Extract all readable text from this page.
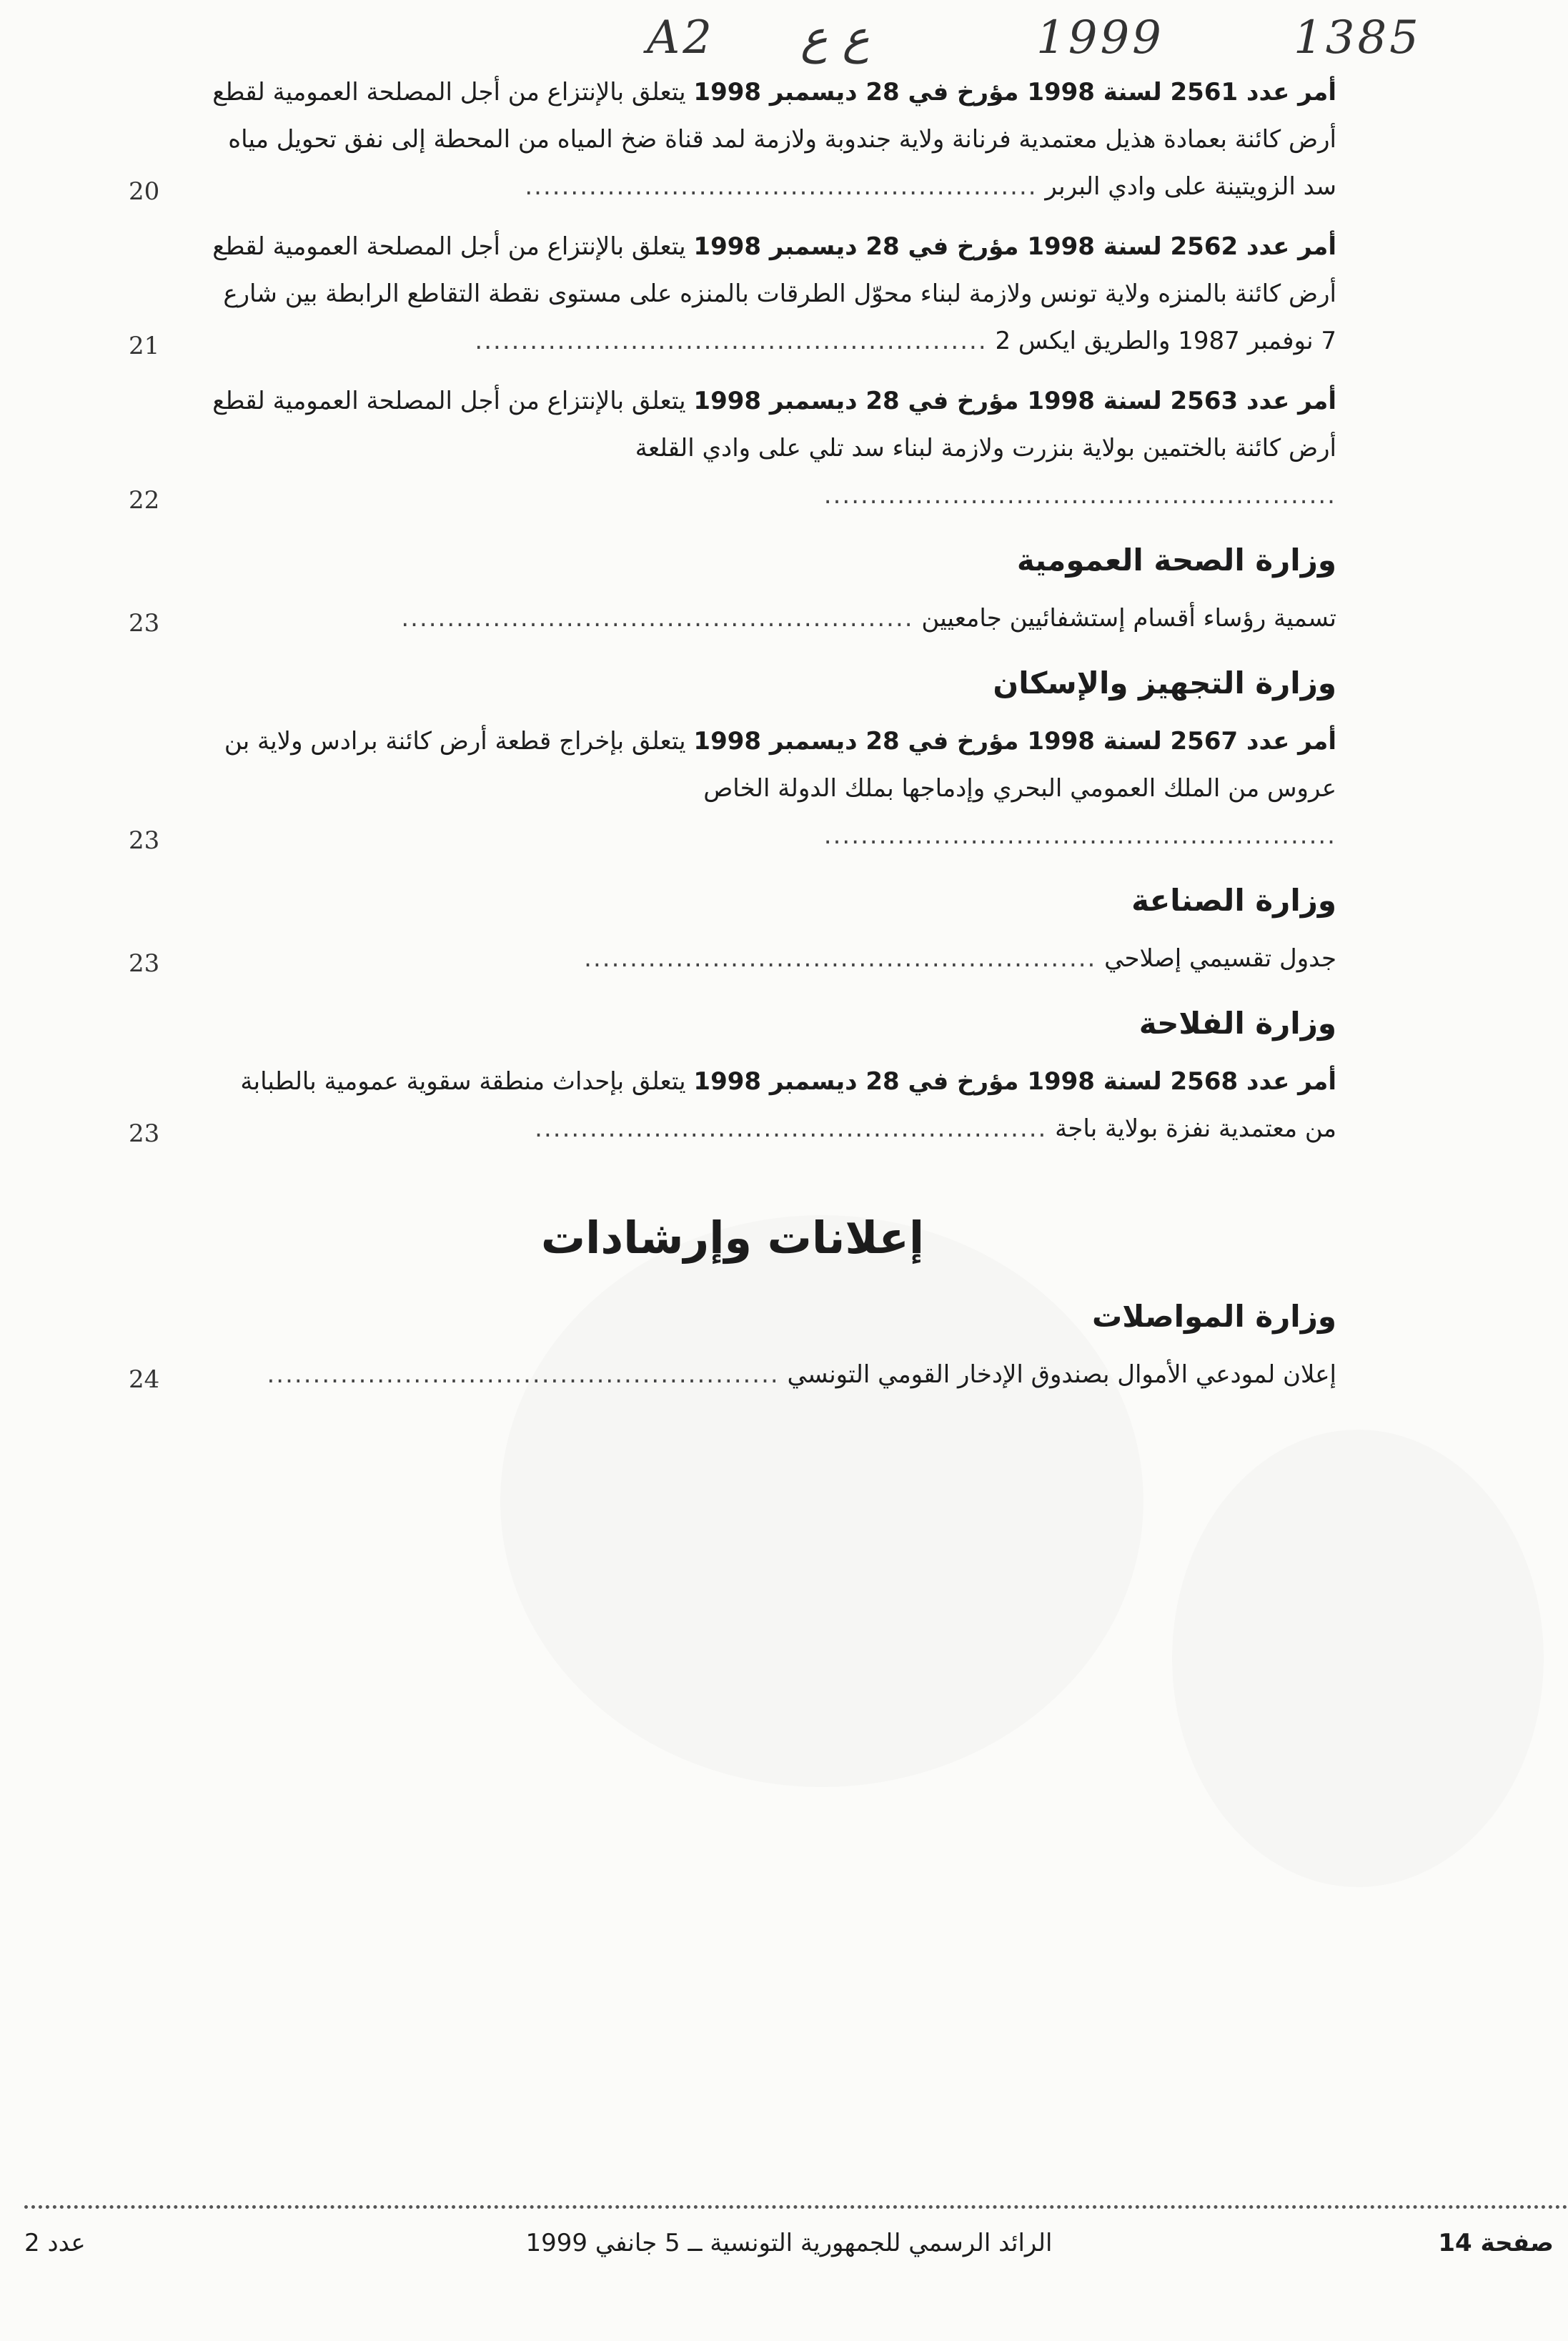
A2 ع ع	1999	1385
أمر عدد 2561 لسنة 1998 مؤرخ في 28 ديسمبر 1998 يتعلق بالإنتزاع من أجل المصلحة العمومية لقطع أرض كائنة بعمادة هذيل معتمدية فرنانة ولاية جندوبة ولازمة لمد قناة ضخ المياه من المحطة إلى نفق تحويل مياه سد الزويتينة على وادي البربر ........................................................
20
أمر عدد 2562 لسنة 1998 مؤرخ في 28 ديسمبر 1998 يتعلق بالإنتزاع من أجل المصلحة العمومية لقطع أرض كائنة بالمنزه ولاية تونس ولازمة لبناء محوّل الطرقات بالمنزه على مستوى نقطة التقاطع الرابطة بين شارع 7 نوفمبر 1987 والطريق ايكس 2 ........................................................
21
أمر عدد 2563 لسنة 1998 مؤرخ في 28 ديسمبر 1998 يتعلق بالإنتزاع من أجل المصلحة العمومية لقطع أرض كائنة بالختمين بولاية بنزرت ولازمة لبناء سد تلي على وادي القلعة ........................................................
22
وزارة الصحة العمومية
تسمية رؤساء أقسام إستشفائيين جامعيين ........................................................
23
وزارة التجهيز والإسكان
أمر عدد 2567 لسنة 1998 مؤرخ في 28 ديسمبر 1998 يتعلق بإخراج قطعة أرض كائنة برادس ولاية بن عروس من الملك العمومي البحري وإدماجها بملك الدولة الخاص ........................................................
23
وزارة الصناعة
جدول تقسيمي إصلاحي ........................................................
23
وزارة الفلاحة
أمر عدد 2568 لسنة 1998 مؤرخ في 28 ديسمبر 1998 يتعلق بإحداث منطقة سقوية عمومية بالطبابة من معتمدية نفزة بولاية باجة ........................................................
23
إعلانات وإرشادات
وزارة المواصلات
إعلان لمودعي الأموال بصندوق الإدخار القومي التونسي ........................................................
24
عدد 2	الرائد الرسمي للجمهورية التونسية ــ 5 جانفي 1999	صفحة 14
